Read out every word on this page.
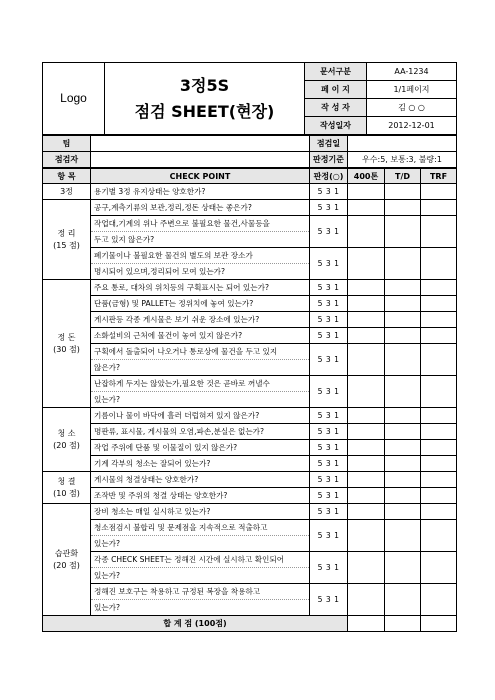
Logo	3정5S
점검 SHEET(현장)	문서구분	AA-1234
		페 이 지	1/1페이지
		작 성 자	김 ○ ○
		작성일자	2012-12-01
팀		점검일			
점검자		판정기준	우수:5, 보통:3, 불량:1		
항 목	CHECK POINT	판정(○)	400톤	T/D	TRF

3정	용기별 3정 유지상태는 양호한가?	5 3 1			

정 리
(15 점)	공구,계측기류의 보관,정리,정돈 상태는 좋은가?	5 3 1			
	작업대,기계의 위나 주변으로 불필요한 물건,사물등을	5 3 1			
	두고 있지 않은가?				
	폐기물이나 불필요한 물건의 별도의 보관 장소가	5 3 1			
	명시되어 있으며,정리되어 모여 있는가?				

정 돈
(30 점)	주요 통로, 대차의 위치등의 구획표시는 되어 있는가?	5 3 1			
	단품(금형) 및 PALLET는 정위치에 놓여 있는가?	5 3 1			
	게시판등 각종 게시물은 보기 쉬운 장소에 있는가?	5 3 1			
	소화설비의 근처에 물건이 놓여 있지 않은가?	5 3 1			
	구획에서 돌출되어 나오거나 통로상에 물건을 두고 있지	5 3 1			
	않은가?				
	난잡하게 두지는 않았는가,필요한 것은 곧바로 꺼낼수	5 3 1			
	있는가?				

청 소
(20 점)	기름이나 물이 바닥에 흘러 더럽혀져 있지 않은가?	5 3 1			
	명판류, 표시물, 게시물의 오염,파손,분실은 없는가?	5 3 1			
	작업 주위에 단품 및 이물질이 있지 않은가?	5 3 1			
	기계 각부의 청소는 잘되어 있는가?	5 3 1			

청 결
(10 점)	게시물의 청결상태는 양호한가?	5 3 1			
	조작반 및 주위의 청결 상태는 양호한가?	5 3 1			

습관화
(20 점)	장비 청소는 매일 실시하고 있는가?	5 3 1			
	청소점검시 불합리 및 문제점을 지속적으로 적출하고	5 3 1			
	있는가?				
	각종 CHECK SHEET는 정해진 시간에 실시하고 확인되어	5 3 1			
	있는가?				
	정해진 보호구는 착용하고 규정된 복장을 착용하고	5 3 1			
	있는가?				
합 계 점 (100점)					
